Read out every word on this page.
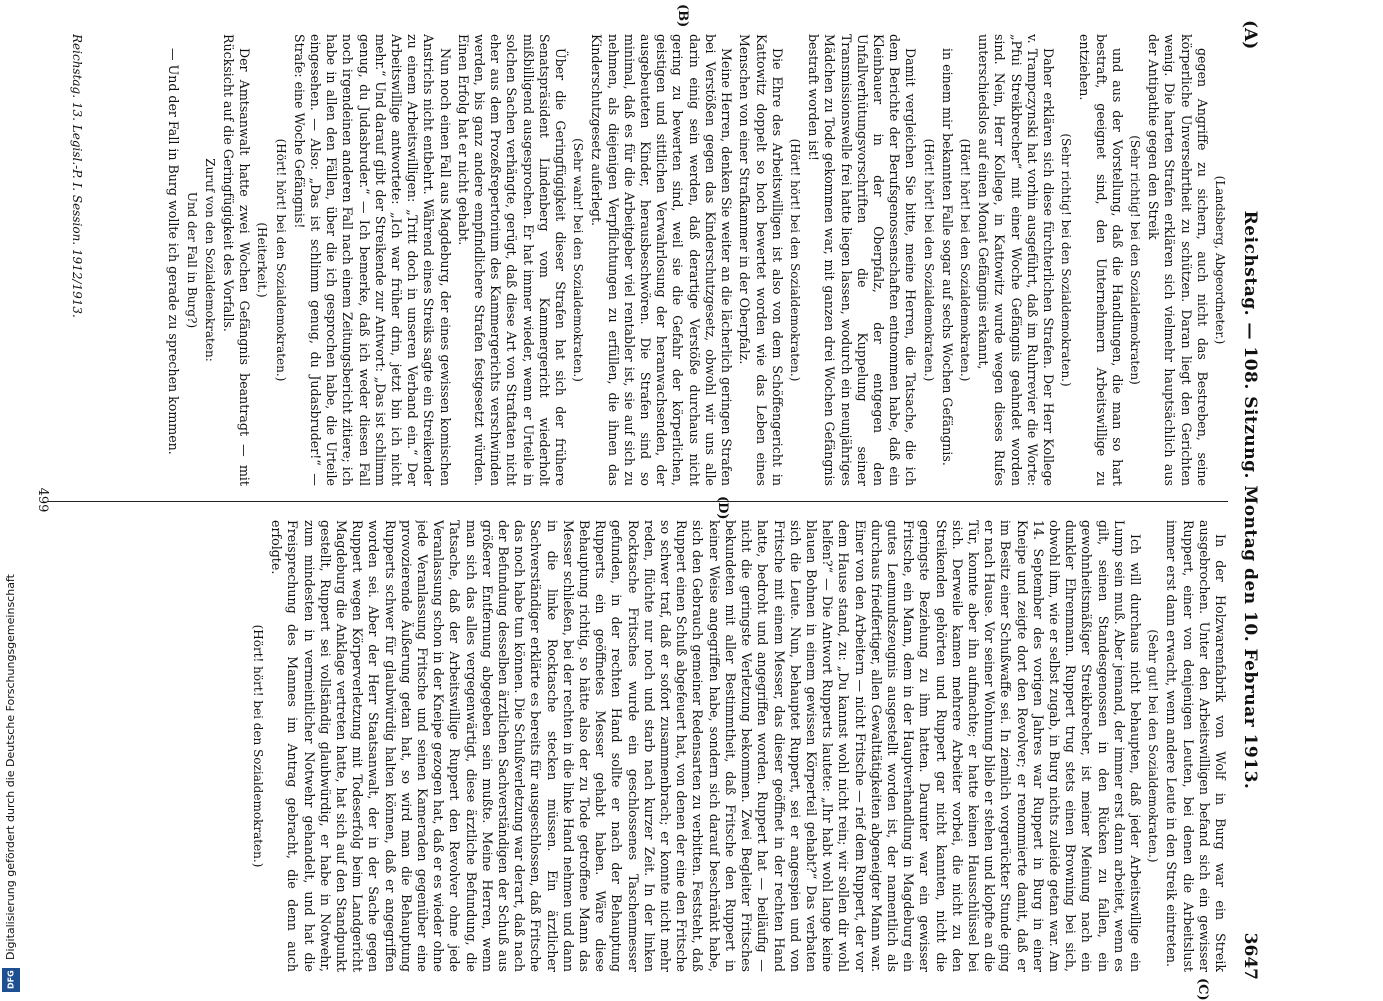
Digitalisierung gefördert durch die Deutsche Forschungsgemeinschaft
DFG
(A)
Reichstag. — 108. Sitzung. Montag den 10. Februar 1913.
3647
(B)
(C)
(D)

(Landsberg, Abgeordneter.)

gegen Angriffe zu sichern, auch nicht das Bestreben, seine körperliche Unversehrtheit zu schützen. Daran liegt den Gerichten wenig. Die harten Strafen erklären sich vielmehr hauptsächlich aus der Antipathie gegen den Streik

(Sehr richtig! bei den Sozialdemokraten)

und aus der Vorstellung, daß die Handlungen, die man so hart bestraft, geeignet sind, den Unternehmern Arbeitswillige zu entziehen.

(Sehr richtig! bei den Sozialdemokraten.)

Daher erklären sich diese fürchterlichen Strafen. Der Herr Kollege v. Trampczynski hat vorhin ausgeführt, daß im Ruhrrevier die Worte: „Pfui Streikbrecher“ mit einer Woche Gefängnis geahndet worden sind. Nein, Herr Kollege, in Kattowitz wurde wegen dieses Rufes unterschiedslos auf einen Monat Gefängnis erkannt,

(Hört! hört! bei den Sozialdemokraten.)

in einem mir bekannten Falle sogar auf sechs Wochen Gefängnis.

(Hört! hört! bei den Sozialdemokraten.)

Damit vergleichen Sie bitte, meine Herren, die Tatsache, die ich dem Berichte der Berufsgenossenschaften entnommen habe, daß ein Kleinbauer in der Oberpfalz, der entgegen den Unfallverhütungsvorschriften die Kuppelung seiner Transmissionswelle frei hatte liegen lassen, wodurch ein neunjähriges Mädchen zu Tode gekommen war, mit ganzen drei Wochen Gefängnis bestraft worden ist!

(Hört! hört! bei den Sozialdemokraten.)

Die Ehre des Arbeitswilligen ist also von dem Schöffengericht in Kattowitz doppelt so hoch bewertet worden wie das Leben eines Menschen von einer Strafkammer in der Oberpfalz.

Meine Herren, denken Sie weiter an die lächerlich geringen Strafen bei Verstößen gegen das Kinderschutzgesetz, obwohl wir uns alle darin einig sein werden, daß derartige Verstöße durchaus nicht gering zu bewerten sind, weil sie die Gefahr der körperlichen, geistigen und sittlichen Verwahrlosung der heranwachsenden, der ausgebeuteten Kinder, herausbeschwören. Die Strafen sind so minimal, daß es für die Arbeitgeber viel rentabler ist, sie auf sich zu nehmen, als diejenigen Verpflichtungen zu erfüllen, die ihnen das Kinderschutzgesetz auferlegt.

(Sehr wahr! bei den Sozialdemokraten.)

Über die Geringfügigkeit dieser Strafen hat sich der frühere Senatspräsident Lindenberg vom Kammergericht wiederholt mißbilligend ausgesprochen. Er hat immer wieder, wenn er Urteile in solchen Sachen verhängte, gerügt, daß diese Art von Straftaten nicht eher aus dem Prozeßrepertorium des Kammergerichts verschwinden werden, bis ganz andere empfindlichere Strafen festgesetzt würden. Einen Erfolg hat er nicht gehabt.

Nun noch einen Fall aus Magdeburg, der eines gewissen komischen Anstrichs nicht entbehrt. Während eines Streiks sagte ein Streikender zu einem Arbeitswilligen: „Tritt doch in unseren Verband ein.“ Der Arbeitswillige antwortete: „Ich war früher drin, jetzt bin ich nicht mehr.“ Und darauf gibt der Streikende zur Antwort: „Das ist schlimm genug, du Judasbruder.“ — Ich bemerke, daß ich weder diesen Fall noch irgendeinen anderen Fall nach einem Zeitungsbericht zitiere; ich habe in allen den Fällen, über die ich gesprochen habe, die Urteile eingesehen. — Also: „Das ist schlimm genug, du Judasbruder!“ — Strafe: eine Woche Gefängnis!

(Hört! hört! bei den Sozialdemokraten.)

(Heiterkeit.)

Der Amtsanwalt hatte zwei Wochen Gefängnis beantragt — mit Rücksicht auf die Geringfügigkeit des Vorfalls.

Zuruf von den Sozialdemokraten:

Und der Fall in Burg?)

— Und der Fall in Burg wollte ich gerade zu sprechen kommen.

In der Holzwarenfabrik von Wolf in Burg war ein Streik ausgebrochen. Unter den Arbeitswilligen befand sich ein gewisser Ruppert, einer von denjenigen Leuten, bei denen die Arbeitslust immer erst dann erwacht, wenn andere Leute in den Streik eintreten.

(Sehr gut! bei den Sozialdemokraten.)

Ich will durchaus nicht behaupten, daß jeder Arbeitswillige ein Lump sein muß. Aber jemand, der immer erst dann arbeitet, wenn es gilt, seinen Standesgenossen in den Rücken zu fallen, ein gewohnheitsmäßiger Streikbrecher, ist meiner Meinung nach ein dunkler Ehrenmann. Ruppert trug stets einen Browning bei sich, obwohl ihm, wie er selbst zugab, in Burg nichts zuleide getan war. Am 14. September des vorigen Jahres war Ruppert in Burg in einer Kneipe und zeigte dort den Revolver; er renommierte damit, daß er im Besitz einer Schußwaffe sei. In ziemlich vorgerückter Stunde ging er nach Hause. Vor seiner Wohnung blieb er stehen und klopfte an die Tür, konnte aber ihn aufmachte; er hatte keinen Hausschlüssel bei sich. Derweile kamen mehrere Arbeiter vorbei, die nicht zu den Streikenden gehörten und Ruppert gar nicht kannten, nicht die geringste Beziehung zu ihm hatten. Darunter war ein gewisser Fritsche, ein Mann, dem in der Hauptverhandlung in Magdeburg ein gutes Leumundszeugnis ausgestellt worden ist, der namentlich als durchaus friedfertiger, allen Gewalttätigkeiten abgeneigter Mann war. Einer von den Arbeitern — nicht Fritsche — rief dem Ruppert, der vor dem Hause stand, zu: „Du kannst wohl nicht rein; wir sollen dir wohl helfen?“ — Die Antwort Rupperts lautete: „Ihr habt wohl lange keine blauen Bohnen in einem gewissen Körperteil gehabt?“ Das verbaten sich die Leute. Nun, behauptet Ruppert, sei er angespien und von Fritsche mit einem Messer, das dieser geöffnet in der rechten Hand hatte, bedroht und angegriffen worden. Ruppert hat — beiläufig — nicht die geringste Verletzung bekommen. Zwei Begleiter Fritsches bekundeten mit aller Bestimmtheit, daß Fritsche den Ruppert in keiner Weise angegriffen habe, sondern sich darauf beschränkt habe, sich den Gebrauch gemeiner Redensarten zu verbitten. Feststeht, daß Ruppert einen Schuß abgefeuert hat, von denen der eine den Fritsche so schwer traf, daß er sofort zusammenbrach; er konnte nicht mehr reden, flüchte nur noch und starb nach kurzer Zeit. In der linken Rocktasche Fritsches wurde ein geschlossenes Taschenmesser gefunden, in der rechten Hand sollte er nach der Behauptung Rupperts ein geöffnetes Messer gehabt haben. Wäre diese Behauptung richtig, so hätte also der zu Tode getroffene Mann das Messer schließen, bei der rechten in die linke Hand nehmen und dann in die linke Rocktasche stecken müssen. Ein ärztlicher Sachverständiger erklärte es bereits für ausgeschlossen, daß Fritsche das noch habe tun können. Die Schußverletzung war derart, daß nach der Befundung desselben ärztlichen Sachverständigen der Schuß aus größerer Entfernung abgegeben sein mußte. Meine Herren, wenn man sich das alles vergegenwärtigt, diese ärztliche Befundung, die Tatsache, daß der Arbeitswillige Ruppert den Revolver ohne jede Veranlassung schon in der Kneipe gezogen hat, daß er es wieder ohne jede Veranlassung Fritsche und seinen Kameraden gegenüber eine provozierende Äußerung getan hat, so wird man die Behauptung Rupperts schwer für glaubwürdig halten können, daß er angegriffen worden sei. Aber der Herr Staatsanwalt, der in der Sache gegen Ruppert wegen Körperverletzung mit Todeserfolg beim Landgericht Magdeburg die Anklage vertreten hatte, hat sich auf den Standpunkt gestellt, Ruppert sei vollständig glaubwürdig, er habe in Notwehr, zum mindesten in vermeintlicher Notwehr gehandelt, und hat die Freisprechung des Mannes im Antrag gebracht, die denn auch erfolgte.

(Hört! hört! bei den Sozialdemokraten.)

Reichstag. 13. Legisl.-P. I. Session. 1912/1913.
499
